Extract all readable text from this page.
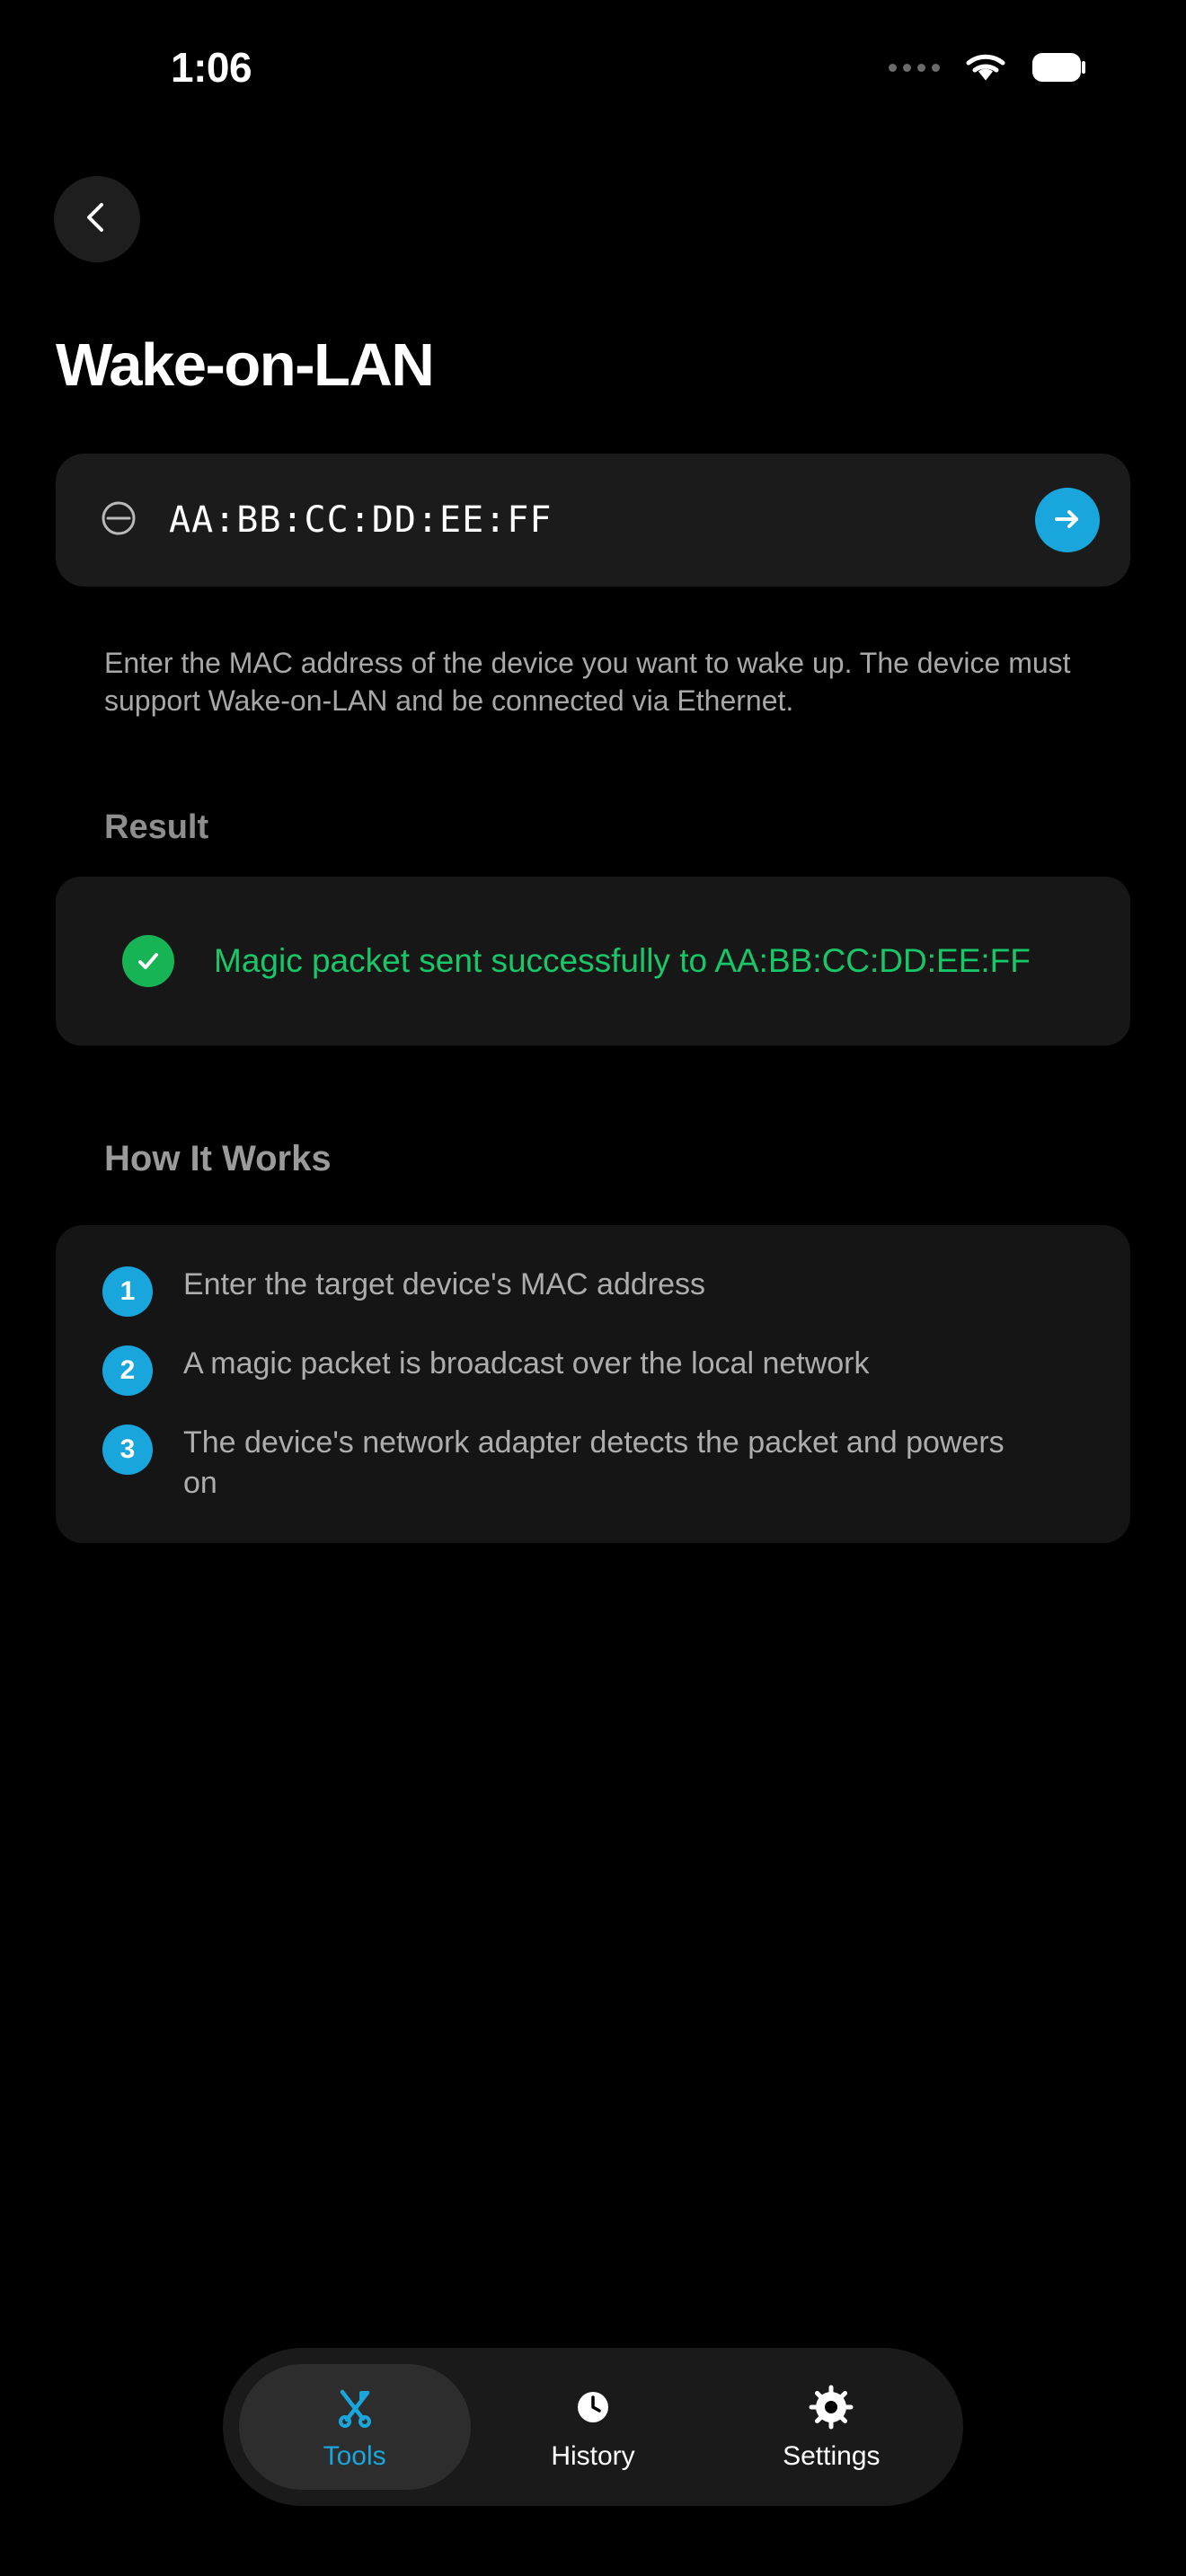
1:06
Wake-on-LAN
AA:BB:CC:DD:EE:FF
Enter the MAC address of the device you want to wake up. The device must support Wake-on-LAN and be connected via Ethernet.
Result
Magic packet sent successfully to AA:BB:CC:DD:EE:FF
How It Works
1	Enter the target device's MAC address
2	A magic packet is broadcast over the local network
3	The device's network adapter detects the packet and powers on
Tools	History	Settings
